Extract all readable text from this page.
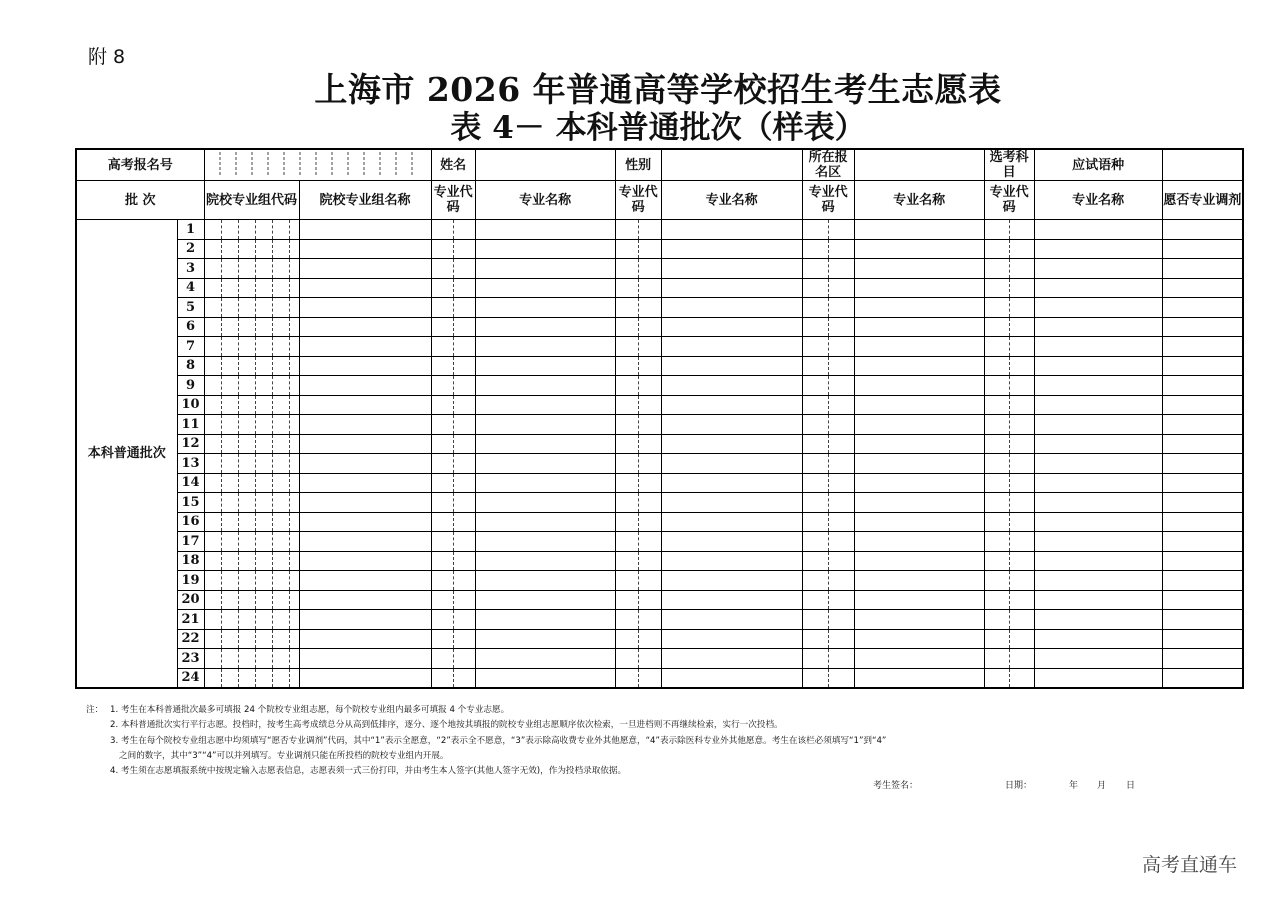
附 8
上海市 2026 年普通高等学校招生考生志愿表
表 4－ 本科普通批次（样表）
高考报名号									姓名			性别			所在报名区			选考科目		应试语种	
批 次		院校专业组代码						院校专业组名称	专业代码		专业名称	专业代码		专业名称	专业代码		专业名称	专业代码		专业名称	愿否专业调剂
本科普通批次	1																				
	2																				
	3																				
	4																				
	5																				
	6																				
	7																				
	8																				
	9																				
	10																				
	11																				
	12																				
	13																				
	14																				
	15																				
	16																				
	17																				
	18																				
	19																				
	20																				
	21																				
	22																				
	23																				
	24																				
注： 1. 考生在本科普通批次最多可填报 24 个院校专业组志愿，每个院校专业组内最多可填报 4 个专业志愿。
2. 本科普通批次实行平行志愿。投档时，按考生高考成绩总分从高到低排序，逐分、逐个地按其填报的院校专业组志愿顺序依次检索，一旦进档则不再继续检索，实行一次投档。
3. 考生在每个院校专业组志愿中均须填写“愿否专业调剂”代码，其中“1”表示全愿意，“2”表示全不愿意，“3”表示除高收费专业外其他愿意，“4”表示除医科专业外其他愿意。考生在该栏必须填写“1”到“4”
之间的数字，其中“3”“4”可以并列填写。专业调剂只能在所投档的院校专业组内开展。
4. 考生须在志愿填报系统中按规定输入志愿表信息，志愿表须一式三份打印，并由考生本人签字(其他人签字无效)，作为投档录取依据。
考生签名：	日期：	年 月 日
高考直通车
